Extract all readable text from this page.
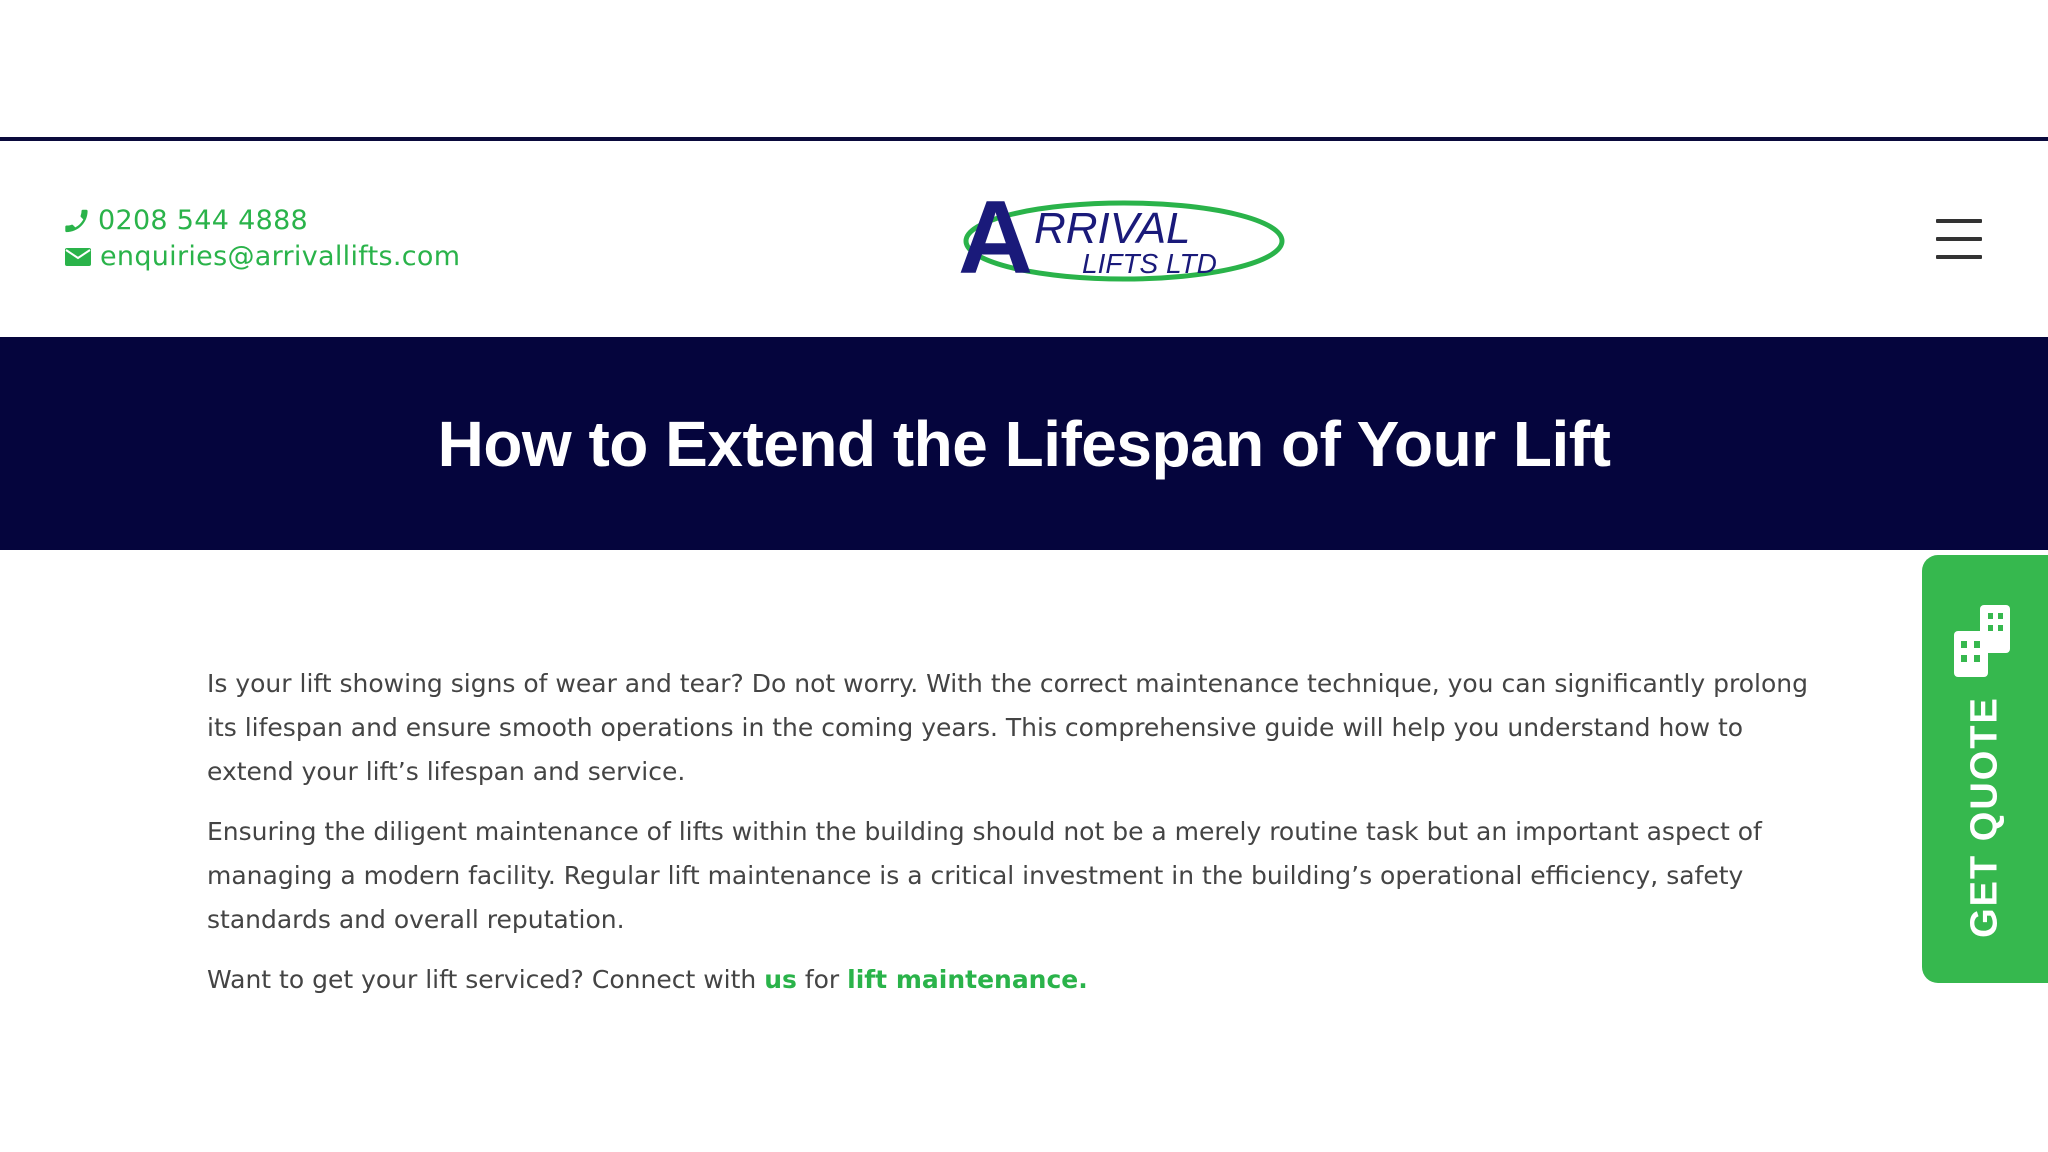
0208 544 4888
enquiries@arrivallifts.com	A RRIVAL
LIFTS LTD
How to Extend the Lifespan of Your Lift

Is your lift showing signs of wear and tear? Do not worry. With the correct maintenance technique, you can significantly prolong its lifespan and ensure smooth operations in the coming years. This comprehensive guide will help you understand how to extend your lift’s lifespan and service.

Ensuring the diligent maintenance of lifts within the building should not be a merely routine task but an important aspect of managing a modern facility. Regular lift maintenance is a critical investment in the building’s operational efficiency, safety standards and overall reputation.

Want to get your lift serviced? Connect with us for lift maintenance.

GET QUOTE
